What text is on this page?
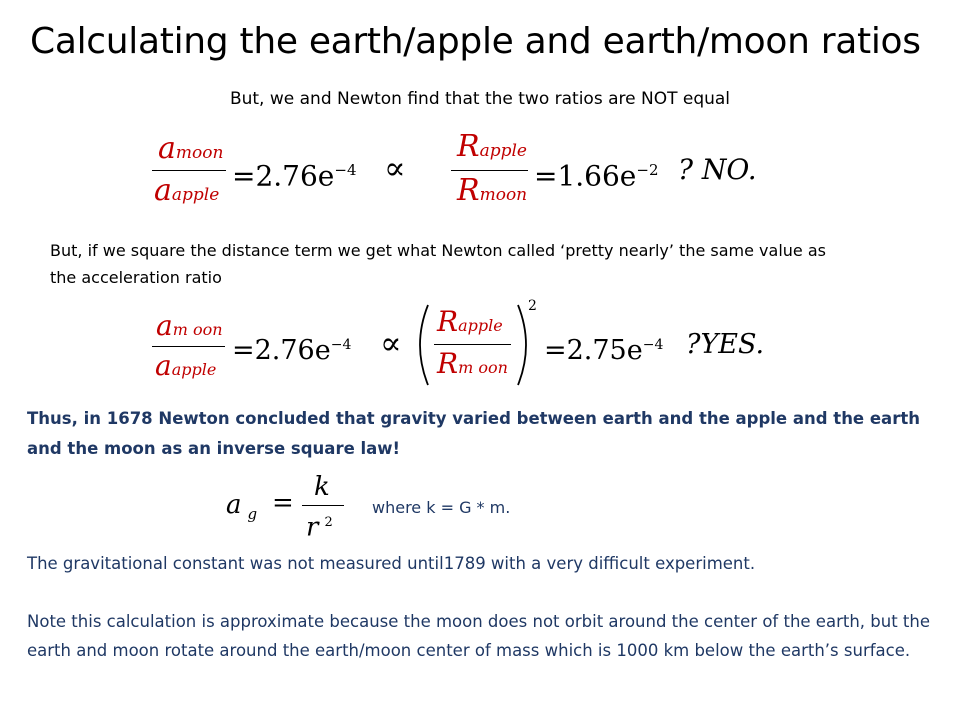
Calculating the earth/apple and earth/moon ratios
But, we and Newton find that the two ratios are NOT equal
amoon
aapple
$=2.76e^{-4}$ ∝
Rapple
Rmoon
$=1.66e^{-2}$ ? NO.
But, if we square the distance term we get what Newton called ‘pretty nearly’ the same value as the acceleration ratio
am oon
aapple
$=2.76e^{-4}$ ∝
Rapple
Rm oon
2
$=2.75e^{-4}$ ?YES.
Thus, in 1678 Newton concluded that gravity varied between earth and the apple and the earth and the moon as an inverse square law!
a $_g$ =
k
r $^2$
where k = G * m.
The gravitational constant was not measured until1789 with a very difficult experiment.
Note this calculation is approximate because the moon does not orbit around the center of the earth, but the earth and moon rotate around the earth/moon center of mass which is 1000 km below the earth’s surface.
